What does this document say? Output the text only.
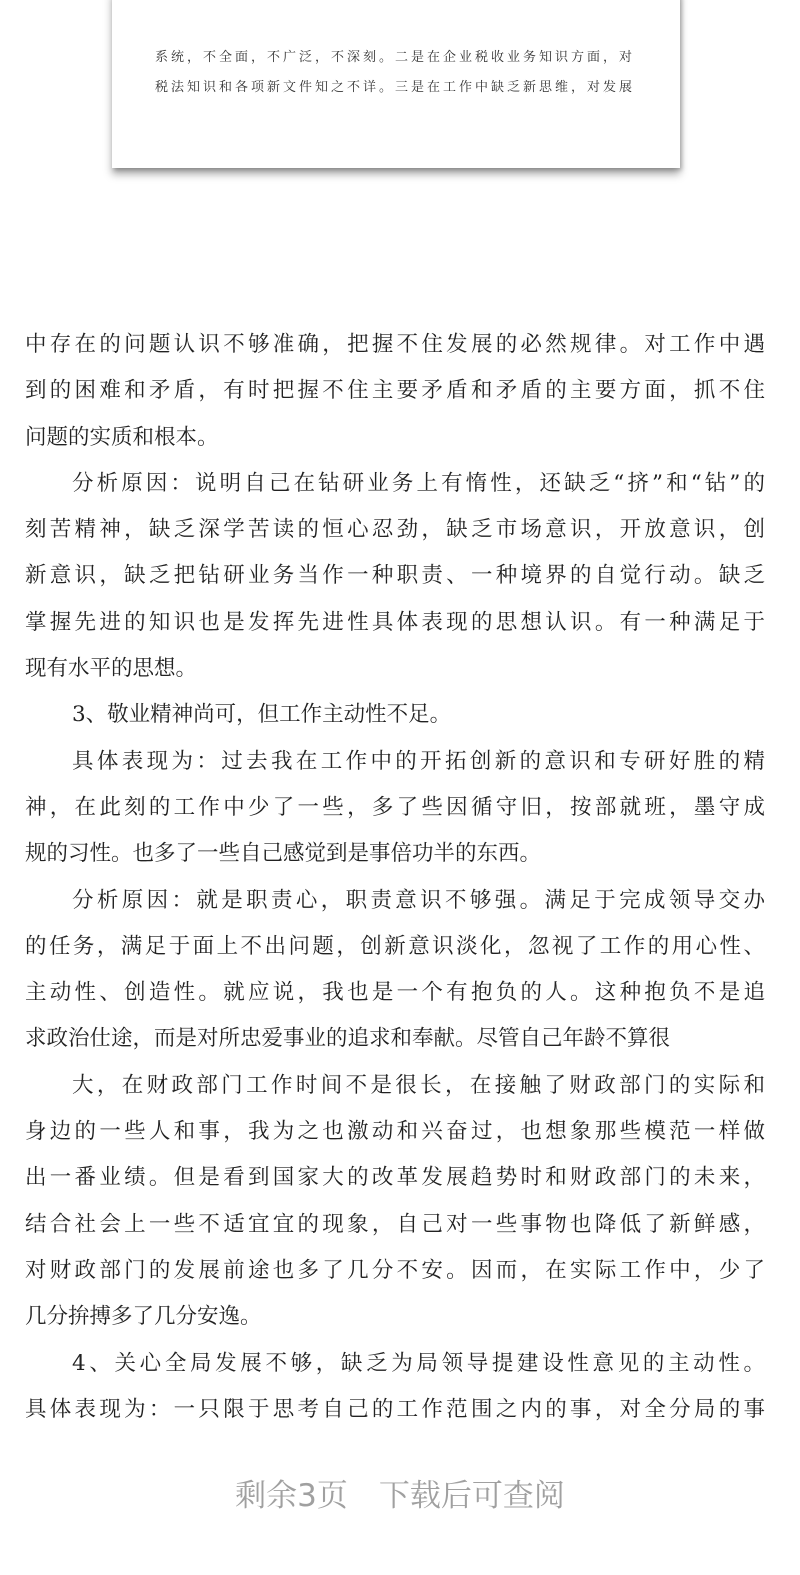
系统，不全面，不广泛，不深刻。二是在企业税收业务知识方面，对
税法知识和各项新文件知之不详。三是在工作中缺乏新思维，对发展
中存在的问题认识不够准确，把握不住发展的必然规律。对工作中遇
到的困难和矛盾，有时把握不住主要矛盾和矛盾的主要方面，抓不住
问题的实质和根本。
分析原因：说明自己在钻研业务上有惰性，还缺乏“挤”和“钻”的
刻苦精神，缺乏深学苦读的恒心忍劲，缺乏市场意识，开放意识，创
新意识，缺乏把钻研业务当作一种职责、一种境界的自觉行动。缺乏
掌握先进的知识也是发挥先进性具体表现的思想认识。有一种满足于
现有水平的思想。
3、敬业精神尚可，但工作主动性不足。
具体表现为：过去我在工作中的开拓创新的意识和专研好胜的精
神，在此刻的工作中少了一些，多了些因循守旧，按部就班，墨守成
规的习性。也多了一些自己感觉到是事倍功半的东西。
分析原因：就是职责心，职责意识不够强。满足于完成领导交办
的任务，满足于面上不出问题，创新意识淡化，忽视了工作的用心性、
主动性、创造性。就应说，我也是一个有抱负的人。这种抱负不是追
求政治仕途，而是对所忠爱事业的追求和奉献。尽管自己年龄不算很
大，在财政部门工作时间不是很长，在接触了财政部门的实际和
身边的一些人和事，我为之也激动和兴奋过，也想象那些模范一样做
出一番业绩。但是看到国家大的改革发展趋势时和财政部门的未来，
结合社会上一些不适宜宜的现象，自己对一些事物也降低了新鲜感，
对财政部门的发展前途也多了几分不安。因而，在实际工作中，少了
几分拚搏多了几分安逸。
4、关心全局发展不够，缺乏为局领导提建设性意见的主动性。
具体表现为：一只限于思考自己的工作范围之内的事，对全分局的事
剩余3页　下载后可查阅
